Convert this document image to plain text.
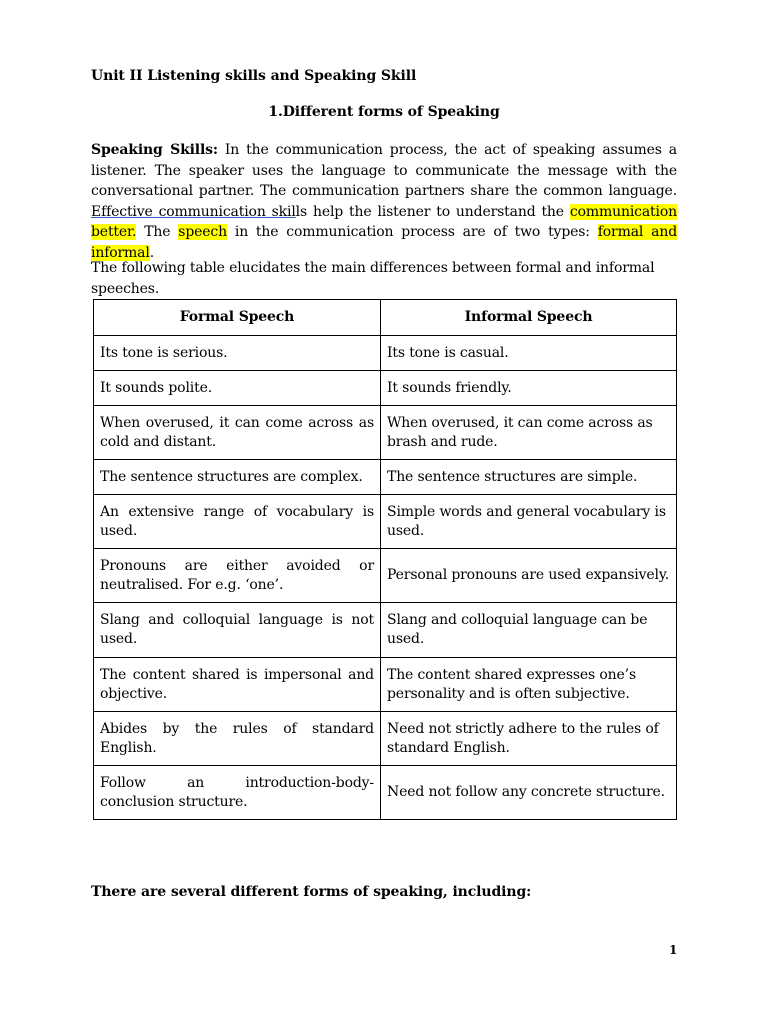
Unit II Listening skills and Speaking Skill
1.Different forms of Speaking
Speaking Skills: In the communication process, the act of speaking assumes a listener. The speaker uses the language to communicate the message with the conversational partner. The communication partners share the common language. Effective communication skills help the listener to understand the communication better. The speech in the communication process are of two types: formal and informal.
The following table elucidates the main differences between formal and informal speeches.
Formal Speech	Informal Speech
Its tone is serious.	Its tone is casual.
It sounds polite.	It sounds friendly.
When overused, it can come across as cold and distant.	When overused, it can come across as brash and rude.
The sentence structures are complex.	The sentence structures are simple.
An extensive range of vocabulary is used.	Simple words and general vocabulary is used.
Pronouns are either avoided or neutralised. For e.g. ‘one’.	Personal pronouns are used expansively.
Slang and colloquial language is not used.	Slang and colloquial language can be used.
The content shared is impersonal and objective.	The content shared expresses one’s personality and is often subjective.
Abides by the rules of standard English.	Need not strictly adhere to the rules of standard English.
Follow an introduction-body-conclusion structure.	Need not follow any concrete structure.
There are several different forms of speaking, including:
1
